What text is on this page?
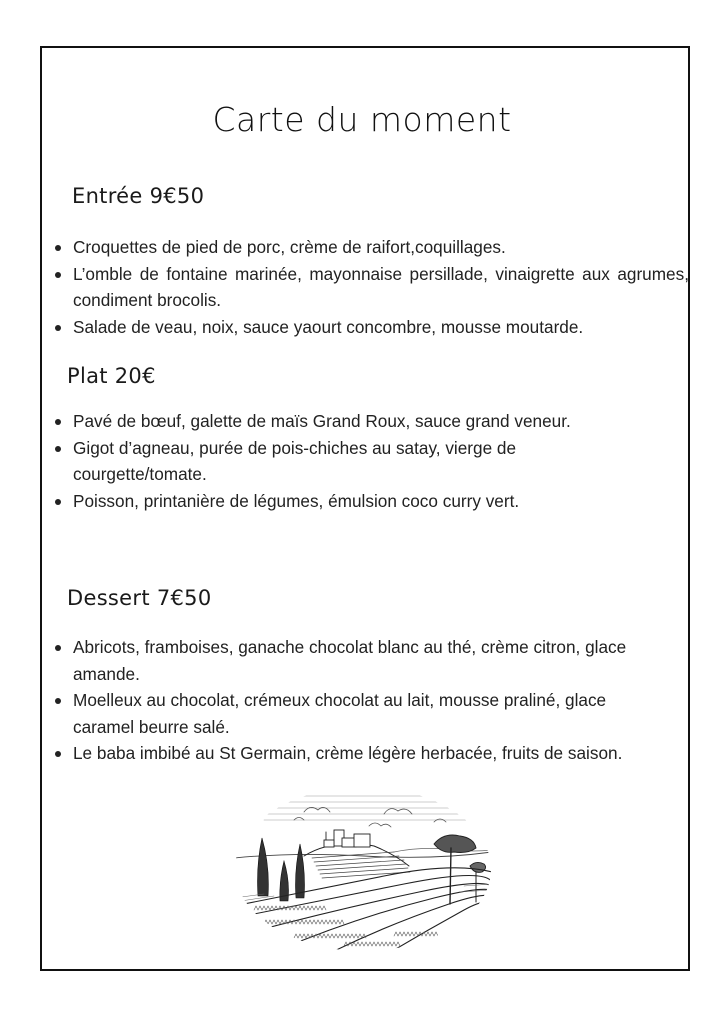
Carte du moment
Entrée 9€50
Croquettes de pied de porc, crème de raifort,coquillages.
L’omble de fontaine marinée, mayonnaise persillade, vinaigrette aux agrumes, condiment brocolis.
Salade de veau, noix, sauce yaourt concombre, mousse moutarde.
Plat 20€
Pavé de bœuf, galette de maïs Grand Roux, sauce grand veneur.
Gigot d’agneau, purée de pois-chiches au satay, vierge de courgette/tomate.
Poisson, printanière de légumes, émulsion coco curry vert.
Dessert 7€50
Abricots, framboises, ganache chocolat blanc au thé, crème citron, glace amande.
Moelleux au chocolat, crémeux chocolat au lait, mousse praliné, glace caramel beurre salé.
Le baba imbibé au St Germain, crème légère herbacée, fruits de saison.
